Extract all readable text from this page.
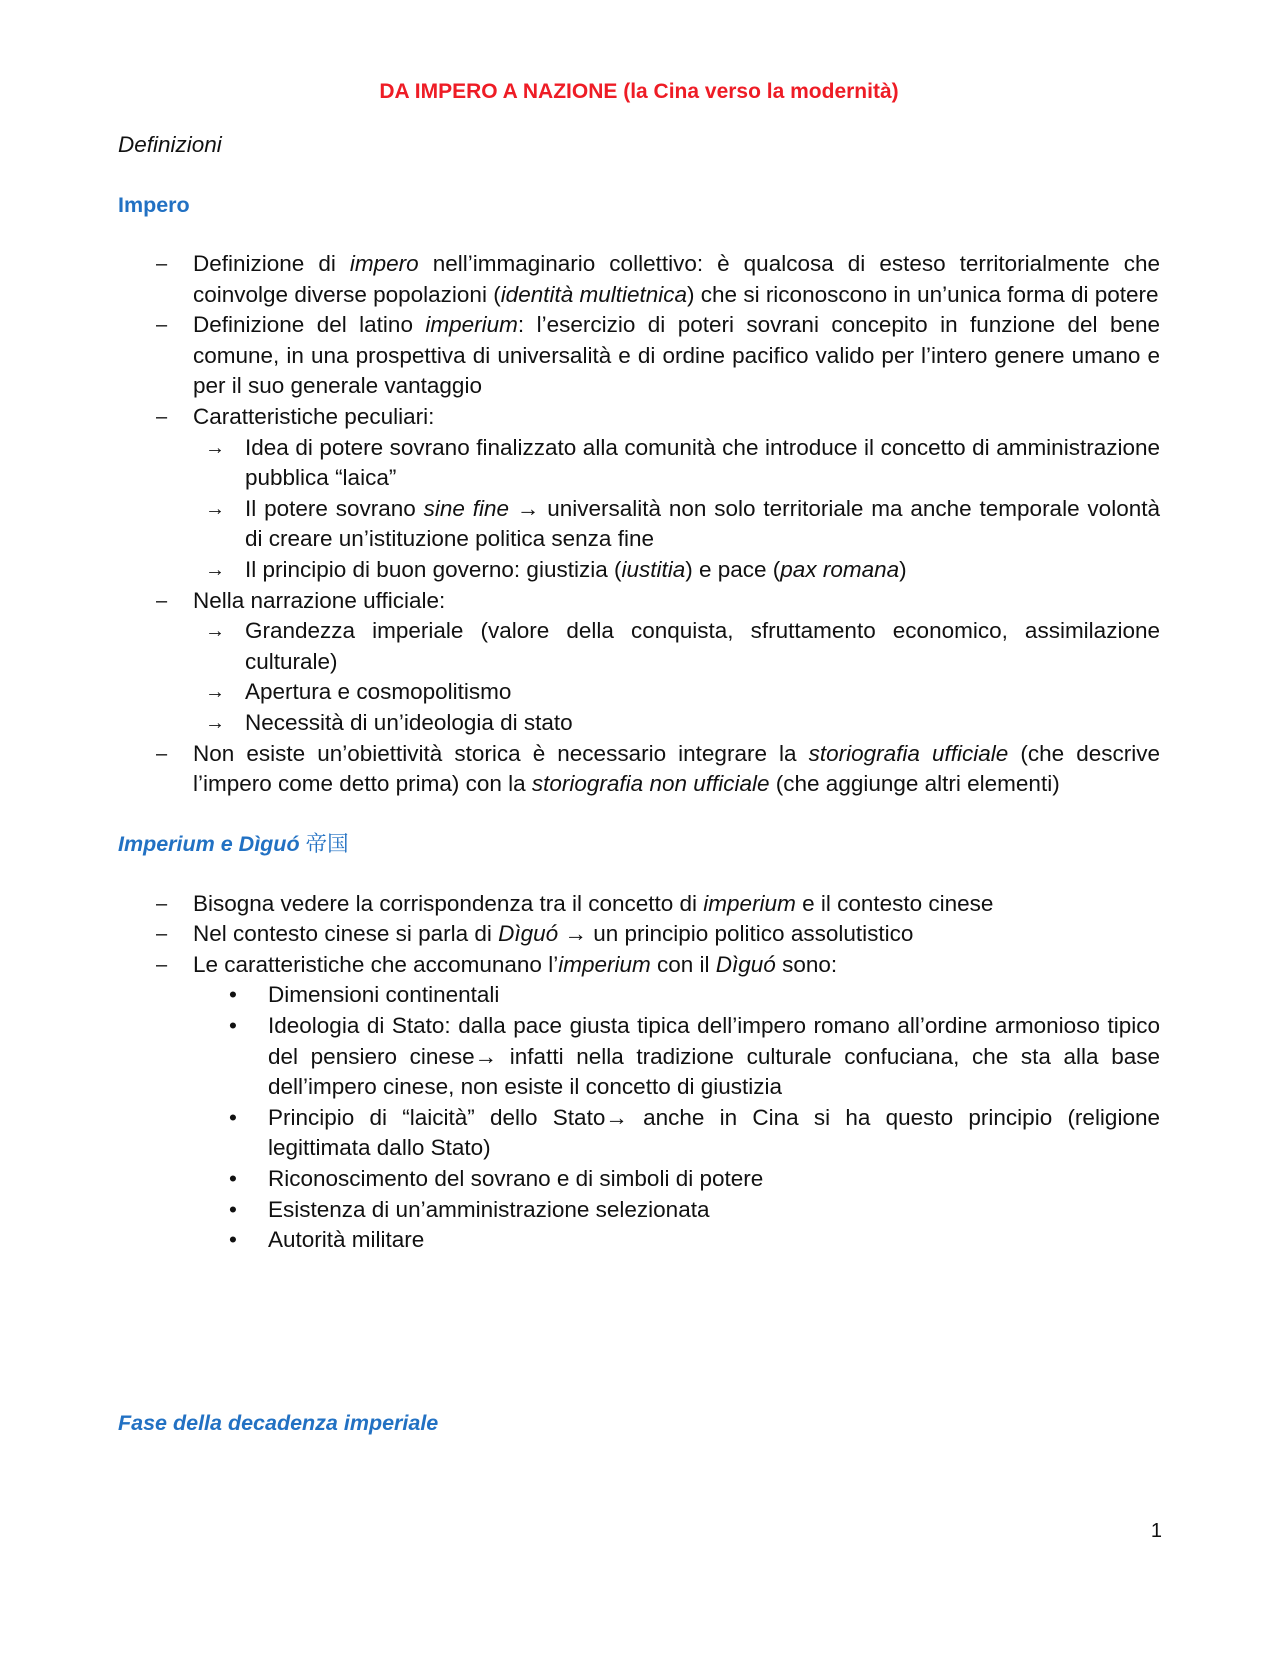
DA IMPERO A NAZIONE (la Cina verso la modernità)
Definizioni
Impero
– Definizione di impero nell’immaginario collettivo: è qualcosa di esteso territorialmente che coinvolge diverse popolazioni (identità multietnica) che si riconoscono in un’unica forma di potere
– Definizione del latino imperium: l’esercizio di poteri sovrani concepito in funzione del bene comune, in una prospettiva di universalità e di ordine pacifico valido per l’intero genere umano e per il suo generale vantaggio
– Caratteristiche peculiari:
→ Idea di potere sovrano finalizzato alla comunità che introduce il concetto di amministrazione pubblica “laica”
→ Il potere sovrano sine fine → universalità non solo territoriale ma anche temporale volontà di creare un’istituzione politica senza fine
→ Il principio di buon governo: giustizia (iustitia) e pace (pax romana)
– Nella narrazione ufficiale:
→ Grandezza imperiale (valore della conquista, sfruttamento economico, assimilazione culturale)
→ Apertura e cosmopolitismo
→ Necessità di un’ideologia di stato
– Non esiste un’obiettività storica è necessario integrare la storiografia ufficiale (che descrive l’impero come detto prima) con la storiografia non ufficiale (che aggiunge altri elementi)
Imperium e Dìguó 帝国
– Bisogna vedere la corrispondenza tra il concetto di imperium e il contesto cinese
– Nel contesto cinese si parla di Dìguó → un principio politico assolutistico
– Le caratteristiche che accomunano l’imperium con il Dìguó sono:
• Dimensioni continentali
• Ideologia di Stato: dalla pace giusta tipica dell’impero romano all’ordine armonioso tipico del pensiero cinese→ infatti nella tradizione culturale confuciana, che sta alla base dell’impero cinese, non esiste il concetto di giustizia
• Principio di “laicità” dello Stato→ anche in Cina si ha questo principio (religione legittimata dallo Stato)
• Riconoscimento del sovrano e di simboli di potere
• Esistenza di un’amministrazione selezionata
• Autorità militare
Fase della decadenza imperiale
1
